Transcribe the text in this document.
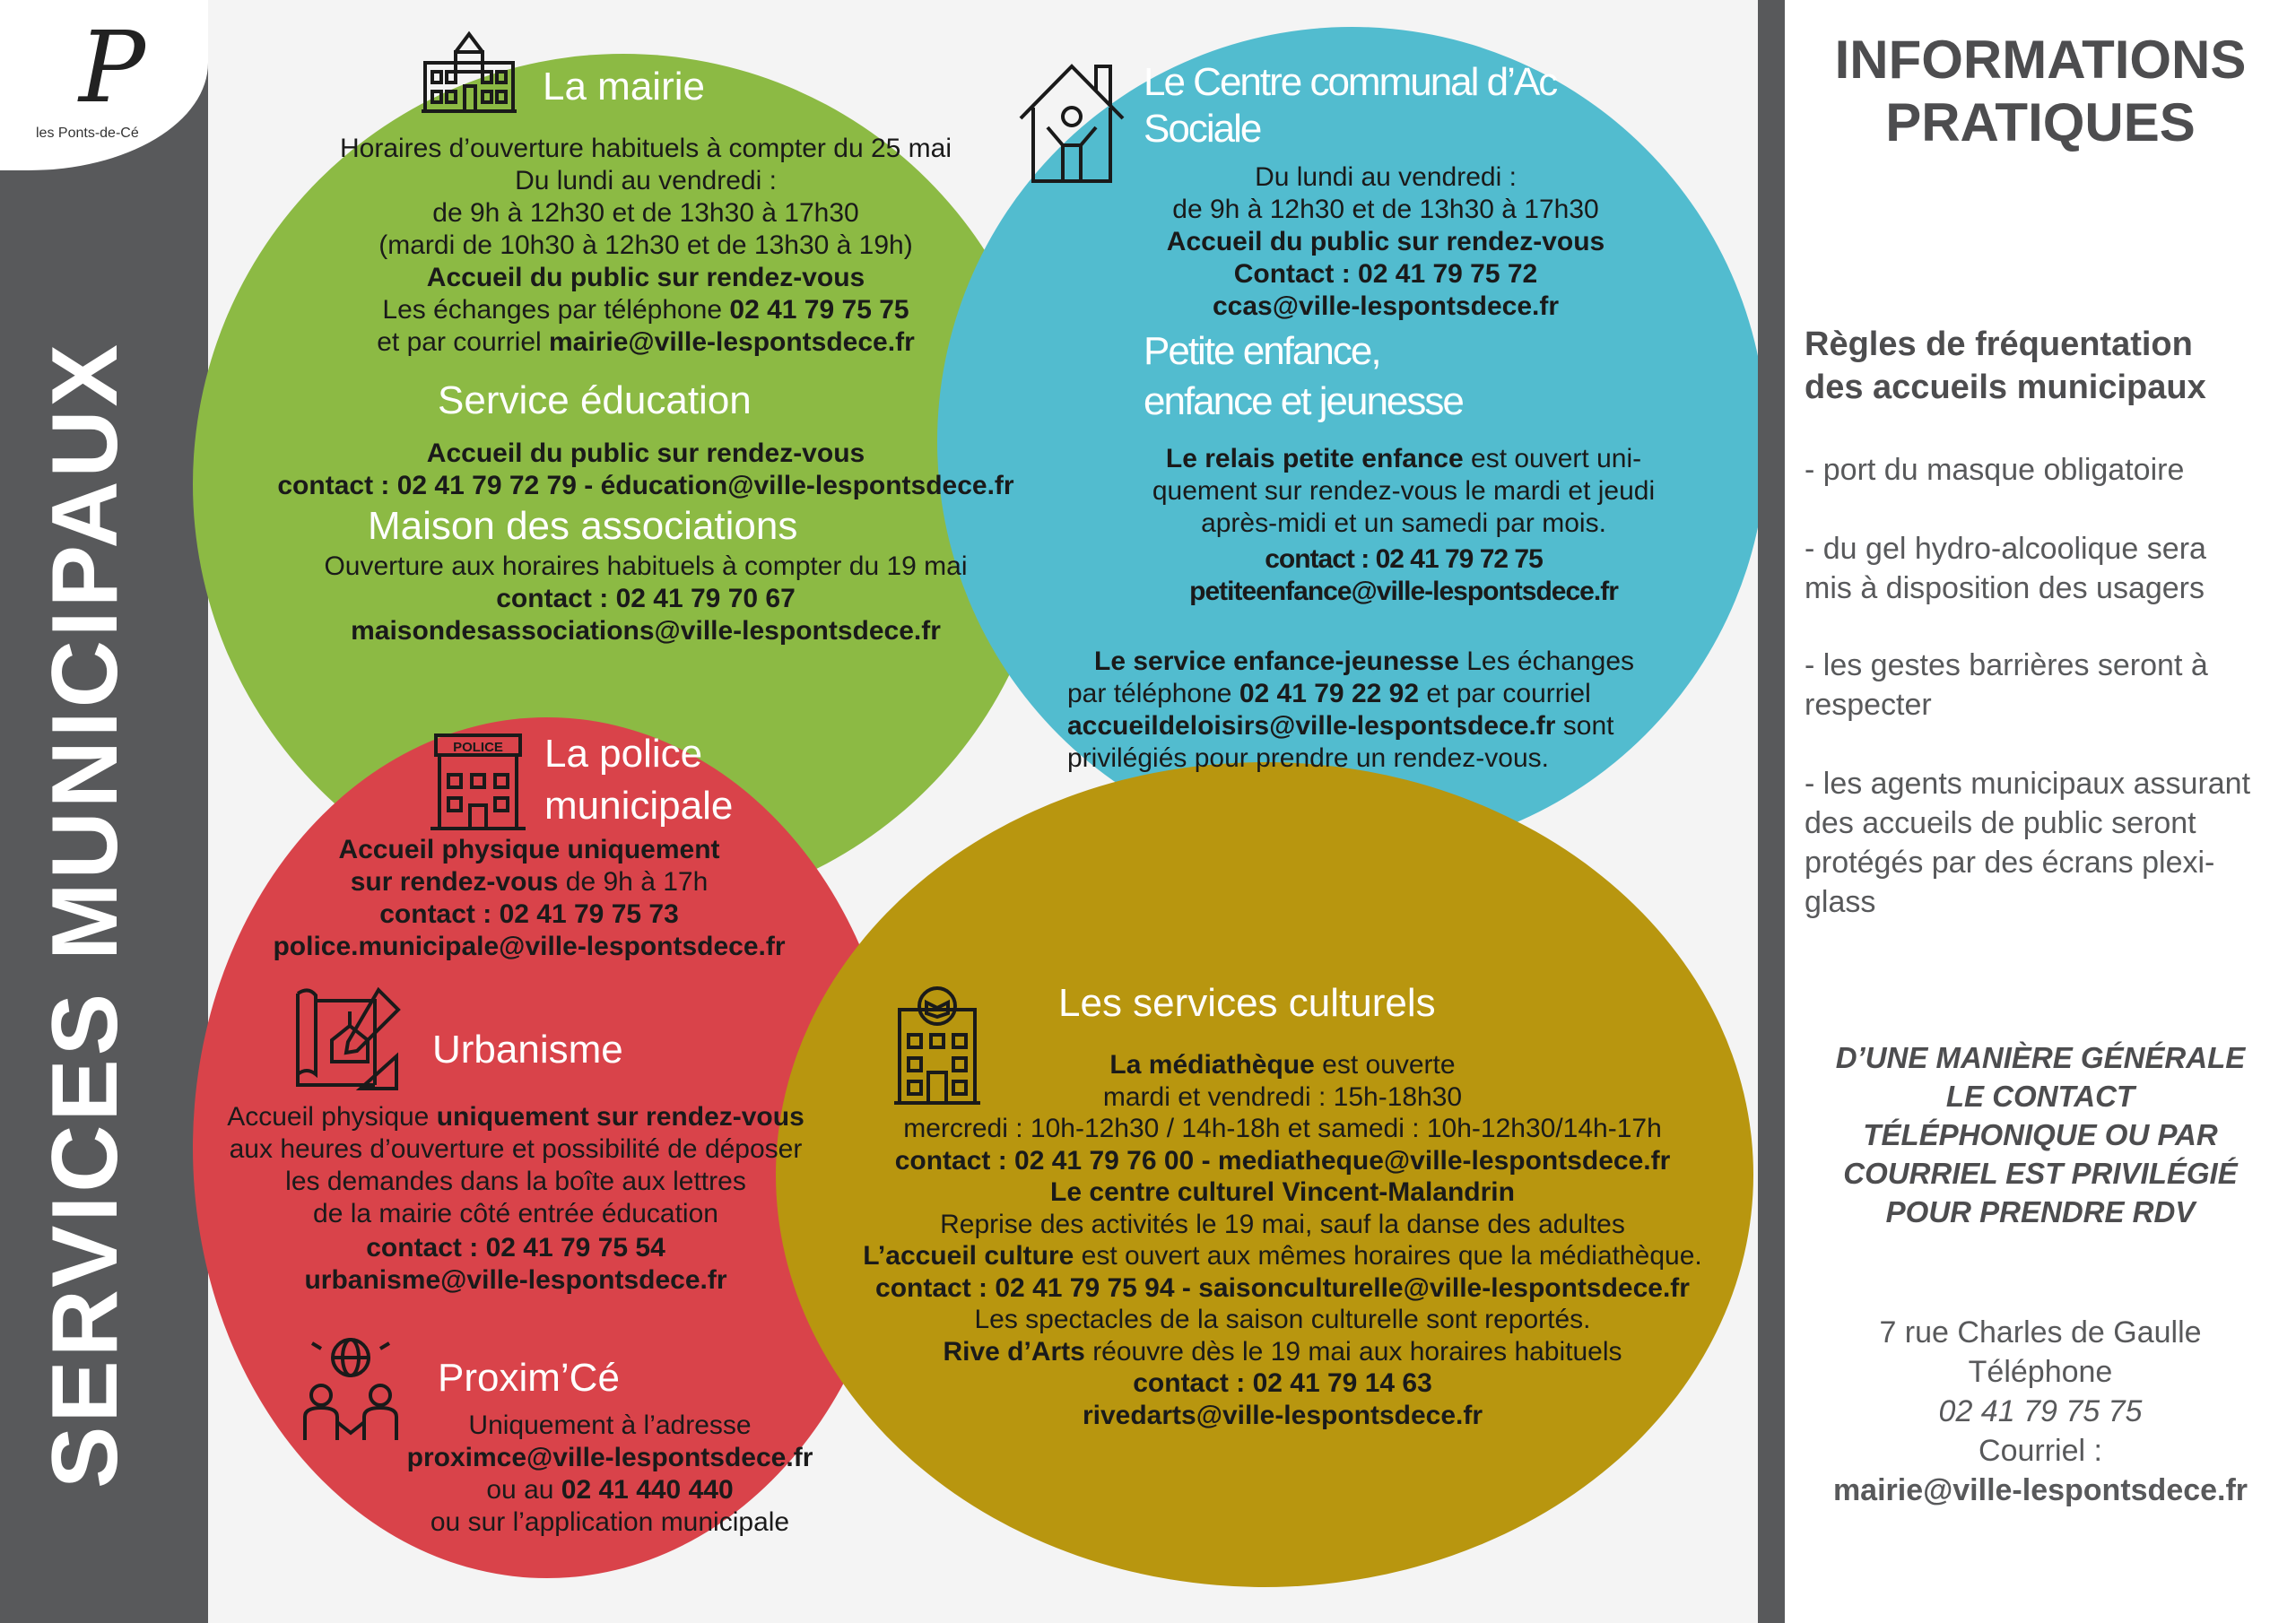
P
les Ponts-de-Cé
SERVICES MUNICIPAUX
La mairie
Horaires d’ouverture habituels à compter du 25 mai
Du lundi au vendredi :
de 9h à 12h30 et de 13h30 à 17h30
(mardi de 10h30 à 12h30 et de 13h30 à 19h)
Accueil du public sur rendez-vous
Les échanges par téléphone 02 41 79 75 75
et par courriel mairie@ville-lespontsdece.fr
Service éducation
Accueil du public sur rendez-vous
contact : 02 41 79 72 79 - éducation@ville-lespontsdece.fr
Maison des associations
Ouverture aux horaires habituels à compter du 19 mai
contact : 02 41 79 70 67
maisondesassociations@ville-lespontsdece.fr
Le Centre communal d’Ac
Sociale
Du lundi au vendredi :
de 9h à 12h30 et de 13h30 à 17h30
Accueil du public sur rendez-vous
Contact : 02 41 79 75 72
ccas@ville-lespontsdece.fr
Petite enfance,
enfance et jeunesse
Le relais petite enfance est ouvert uni-
quement sur rendez-vous le mardi et jeudi
après-midi et un samedi par mois.
contact : 02 41 79 72 75
petiteenfance@ville-lespontsdece.fr
Le service enfance-jeunesse Les échanges
par téléphone 02 41 79 22 92 et par courriel
accueildeloisirs@ville-lespontsdece.fr sont
privilégiés pour prendre un rendez-vous.
POLICE La police
municipale
Accueil physique uniquement
sur rendez-vous de 9h à 17h
contact : 02 41 79 75 73
police.municipale@ville-lespontsdece.fr
Urbanisme
Accueil physique uniquement sur rendez-vous
aux heures d’ouverture et possibilité de déposer
les demandes dans la boîte aux lettres
de la mairie côté entrée éducation
contact : 02 41 79 75 54
urbanisme@ville-lespontsdece.fr
Proxim’Cé
Uniquement à l’adresse
proximce@ville-lespontsdece.fr
ou au 02 41 440 440
ou sur l’application municipale
Les services culturels
La médiathèque est ouverte
mardi et vendredi : 15h-18h30
mercredi : 10h-12h30 / 14h-18h et samedi : 10h-12h30/14h-17h
contact : 02 41 79 76 00 - mediatheque@ville-lespontsdece.fr
Le centre culturel Vincent-Malandrin
Reprise des activités le 19 mai, sauf la danse des adultes
L’accueil culture est ouvert aux mêmes horaires que la médiathèque.
contact : 02 41 79 75 94 - saisonculturelle@ville-lespontsdece.fr
Les spectacles de la saison culturelle sont reportés.
Rive d’Arts réouvre dès le 19 mai aux horaires habituels
contact : 02 41 79 14 63
rivedarts@ville-lespontsdece.fr
INFORMATIONS
PRATIQUES
Règles de fréquentation
des accueils municipaux
- port du masque obligatoire
- du gel hydro-alcoolique sera
mis à disposition des usagers
- les gestes barrières seront à
respecter
- les agents municipaux assurant
des accueils de public seront
protégés par des écrans plexi-
glass
D’UNE MANIÈRE GÉNÉRALE
LE CONTACT
TÉLÉPHONIQUE OU PAR
COURRIEL EST PRIVILÉGIÉ
POUR PRENDRE RDV
7 rue Charles de Gaulle
Téléphone
02 41 79 75 75
Courriel :
mairie@ville-lespontsdece.fr
